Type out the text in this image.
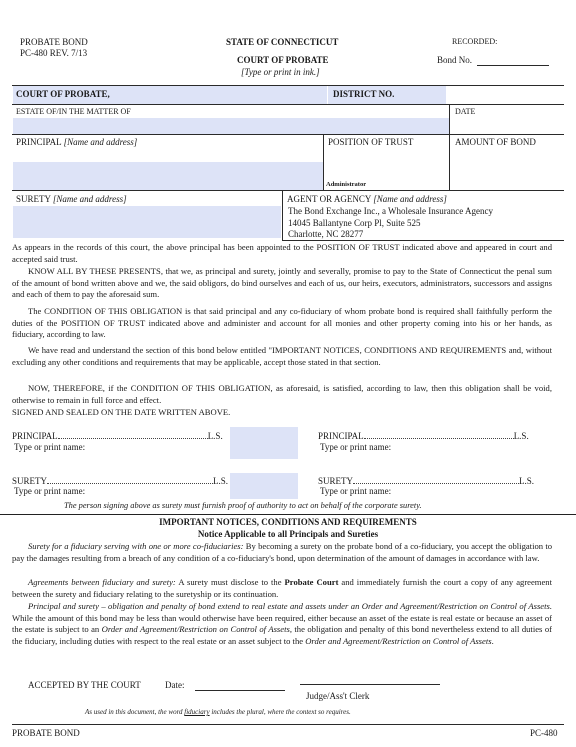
PROBATE BOND
PC-480 REV. 7/13
STATE OF CONNECTICUT
COURT OF PROBATE
[Type or print in ink.]
RECORDED:
Bond No.
COURT OF PROBATE,	DISTRICT NO.
ESTATE OF/IN THE MATTER OF	DATE
PRINCIPAL [Name and address]	POSITION OF TRUST
Administrator
AMOUNT OF BOND
SURETY [Name and address]	AGENT OR AGENCY [Name and address]
The Bond Exchange Inc., a Wholesale Insurance Agency
14045 Ballantyne Corp Pl, Suite 525
Charlotte, NC 28277
As appears in the records of this court, the above principal has been appointed to the POSITION OF TRUST indicated above and appeared in court and accepted said trust.
KNOW ALL BY THESE PRESENTS, that we, as principal and surety, jointly and severally, promise to pay to the State of Connecticut the penal sum of the amount of bond written above and we, the said obligors, do bind ourselves and each of us, our heirs, executors, administrators, successors and assigns and each of them to pay the aforesaid sum.
The CONDITION OF THIS OBLIGATION is that said principal and any co-fiduciary of whom probate bond is required shall faithfully perform the duties of the POSITION OF TRUST indicated above and administer and account for all monies and other property coming into his or her hands, as fiduciary, according to law.
We have read and understand the section of this bond below entitled "IMPORTANT NOTICES, CONDITIONS AND REQUIREMENTS and, without excluding any other conditions and requirements that may be applicable, accept those stated in that section.
NOW, THEREFORE, if the CONDITION OF THIS OBLIGATION, as aforesaid, is satisfied, according to law, then this obligation shall be void, otherwise to remain in full force and effect.
SIGNED AND SEALED ON THE DATE WRITTEN ABOVE.
PRINCIPAL	L.S.
Type or print name:
PRINCIPAL	L.S.
Type or print name:
SURETY	L.S.
Type or print name:
SURETY	L.S.
Type or print name:
The person signing above as surety must furnish proof of authority to act on behalf of the corporate surety.
IMPORTANT NOTICES, CONDITIONS AND REQUIREMENTS
Notice Applicable to all Principals and Sureties
Surety for a fiduciary serving with one or more co-fiduciaries: By becoming a surety on the probate bond of a co-fiduciary, you accept the obligation to pay the damages resulting from a breach of any condition of a co-fiduciary's bond, upon determination of the amount of damages in accordance with law.
Agreements between fiduciary and surety: A surety must disclose to the Probate Court and immediately furnish the court a copy of any agreement between the surety and fiduciary relating to the suretyship or its continuation.
Principal and surety – obligation and penalty of bond extend to real estate and assets under an Order and Agreement/Restriction on Control of Assets. While the amount of this bond may be less than would otherwise have been required, either because an asset of the estate is real estate or because an asset of the estate is subject to an Order and Agreement/Restriction on Control of Assets, the obligation and penalty of this bond nevertheless extend to all duties of the fiduciary, including duties with respect to the real estate or an asset subject to the Order and Agreement/Restriction on Control of Assets.
ACCEPTED BY THE COURT	Date:
Judge/Ass't Clerk
As used in this document, the word fiduciary includes the plural, where the context so requires.
PROBATE BOND	PC-480
